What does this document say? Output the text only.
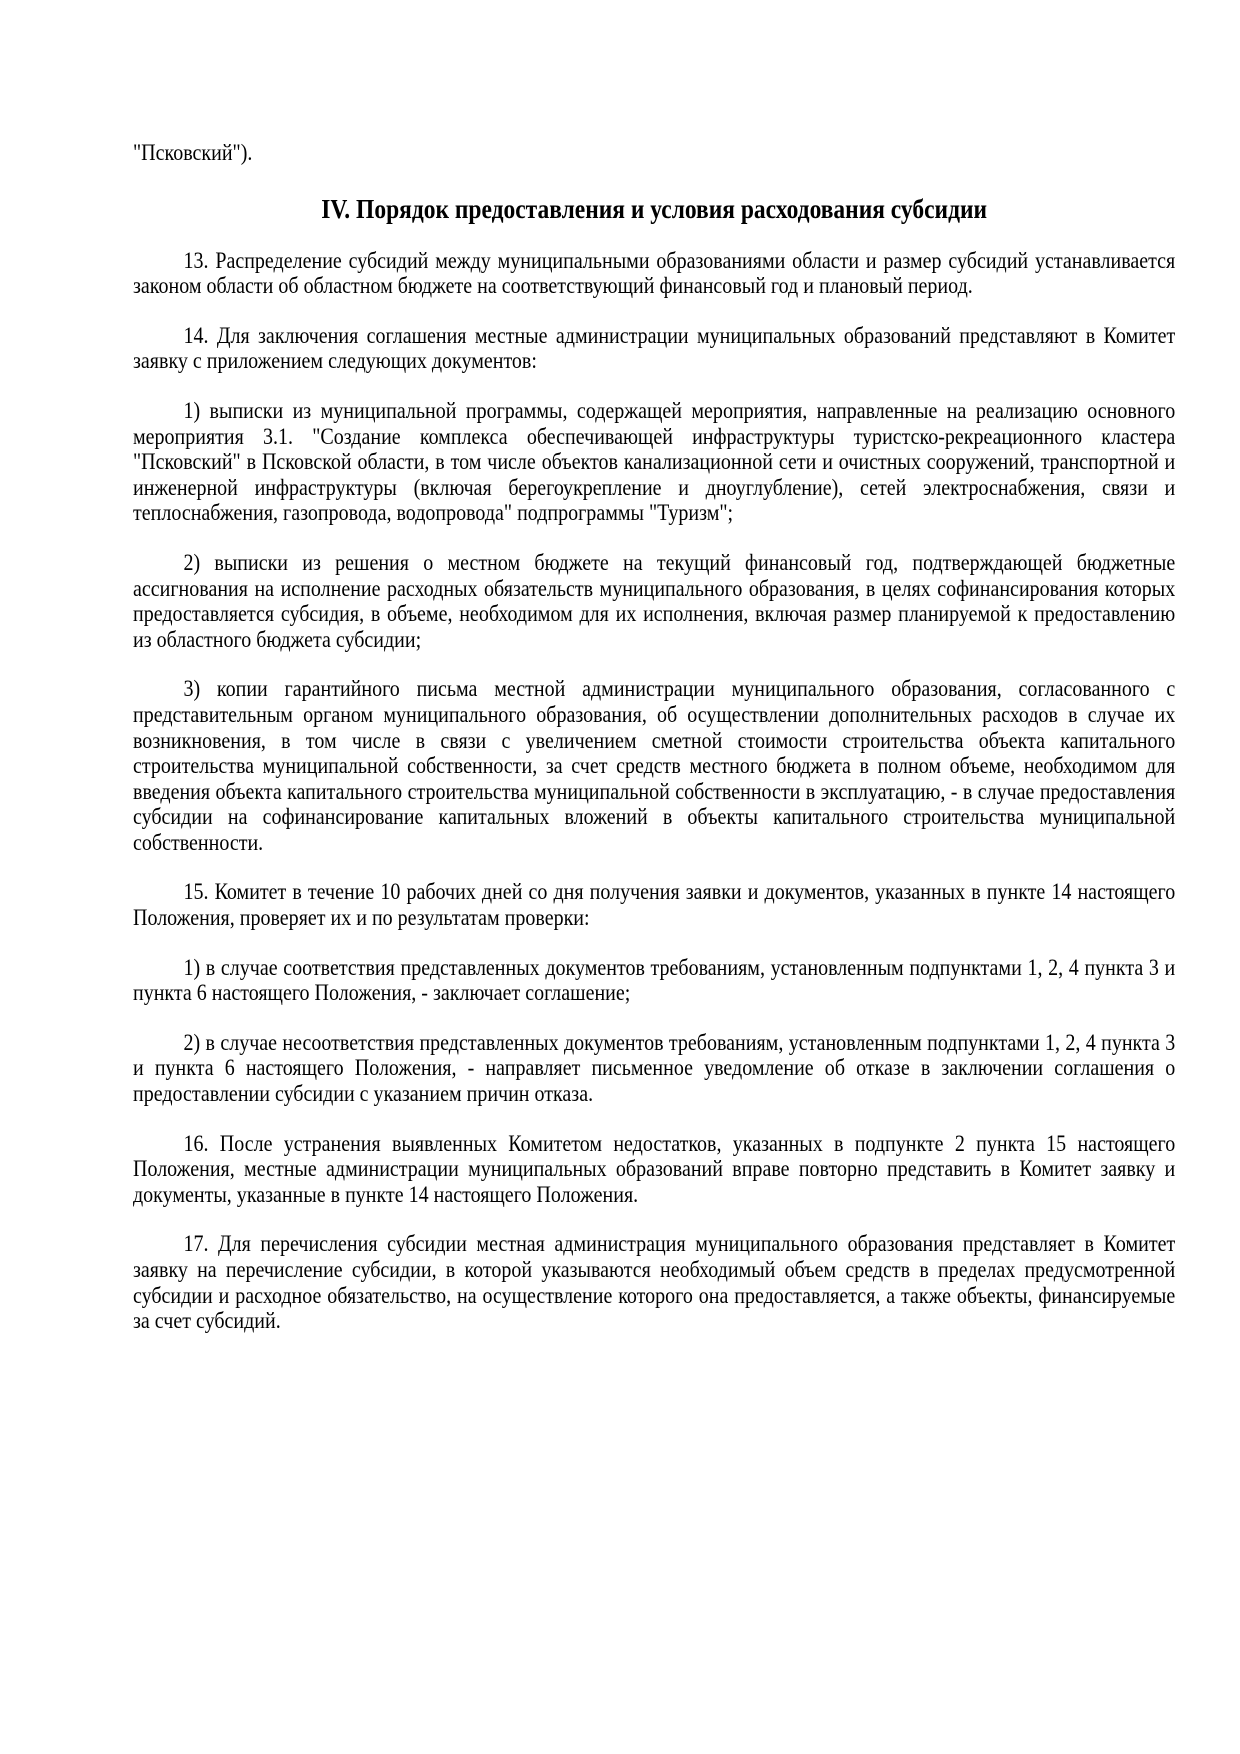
"Псковский").

IV. Порядок предоставления и условия расходования субсидии

13. Распределение субсидий между муниципальными образованиями области и размер субсидий устанавливается законом области об областном бюджете на соответствующий финансовый год и плановый период.

14. Для заключения соглашения местные администрации муниципальных образований представляют в Комитет заявку с приложением следующих документов:

1) выписки из муниципальной программы, содержащей мероприятия, направленные на реализацию основного мероприятия 3.1. "Создание комплекса обеспечивающей инфраструктуры туристско-рекреационного кластера "Псковский" в Псковской области, в том числе объектов канализационной сети и очистных сооружений, транспортной и инженерной инфраструктуры (включая берегоукрепление и дноуглубление), сетей электроснабжения, связи и теплоснабжения, газопровода, водопровода" подпрограммы "Туризм";

2) выписки из решения о местном бюджете на текущий финансовый год, подтверждающей бюджетные ассигнования на исполнение расходных обязательств муниципального образования, в целях софинансирования которых предоставляется субсидия, в объеме, необходимом для их исполнения, включая размер планируемой к предоставлению из областного бюджета субсидии;

3) копии гарантийного письма местной администрации муниципального образования, согласованного с представительным органом муниципального образования, об осуществлении дополнительных расходов в случае их возникновения, в том числе в связи с увеличением сметной стоимости строительства объекта капитального строительства муниципальной собственности, за счет средств местного бюджета в полном объеме, необходимом для введения объекта капитального строительства муниципальной собственности в эксплуатацию, - в случае предоставления субсидии на софинансирование капитальных вложений в объекты капитального строительства муниципальной собственности.

15. Комитет в течение 10 рабочих дней со дня получения заявки и документов, указанных в пункте 14 настоящего Положения, проверяет их и по результатам проверки:

1) в случае соответствия представленных документов требованиям, установленным подпунктами 1, 2, 4 пункта 3 и пункта 6 настоящего Положения, - заключает соглашение;

2) в случае несоответствия представленных документов требованиям, установленным подпунктами 1, 2, 4 пункта 3 и пункта 6 настоящего Положения, - направляет письменное уведомление об отказе в заключении соглашения о предоставлении субсидии с указанием причин отказа.

16. После устранения выявленных Комитетом недостатков, указанных в подпункте 2 пункта 15 настоящего Положения, местные администрации муниципальных образований вправе повторно представить в Комитет заявку и документы, указанные в пункте 14 настоящего Положения.

17. Для перечисления субсидии местная администрация муниципального образования представляет в Комитет заявку на перечисление субсидии, в которой указываются необходимый объем средств в пределах предусмотренной субсидии и расходное обязательство, на осуществление которого она предоставляется, а также объекты, финансируемые за счет субсидий.
